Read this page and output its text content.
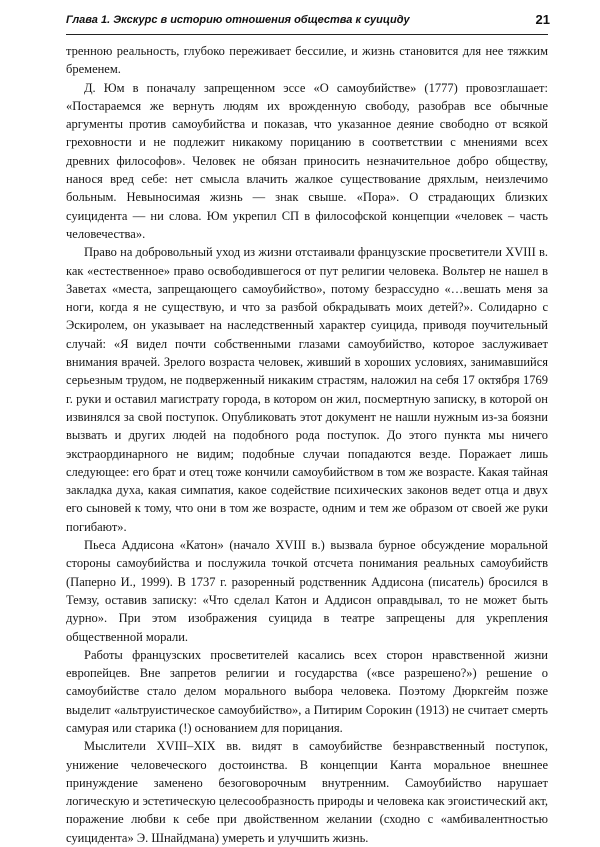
Глава 1. Экскурс в историю отношения общества к суициду	21

тренною реальность, глубоко переживает бессилие, и жизнь становится для нее тяжким бременем.

Д. Юм в поначалу запрещенном эссе «О самоубийстве» (1777) провозглашает: «Постараемся же вернуть людям их врожденную свободу, разобрав все обычные аргументы против самоубийства и показав, что указанное деяние свободно от всякой греховности и не подлежит никакому порицанию в соответствии с мнениями всех древних философов». Человек не обязан приносить незначительное добро обществу, нанося вред себе: нет смысла влачить жалкое существование дряхлым, неизлечимо больным. Невыносимая жизнь — знак свыше. «Пора». О страдающих близких суицидента — ни слова. Юм укрепил СП в философской концепции «человек – часть человечества».

Право на добровольный уход из жизни отстаивали французские просветители XVIII в. как «естественное» право освободившегося от пут религии человека. Вольтер не нашел в Заветах «места, запрещающего самоубийство», потому безрассудно «…вешать меня за ноги, когда я не существую, и что за разбой обкрадывать моих детей?». Солидарно с Эскиролем, он указывает на наследственный характер суицида, приводя поучительный случай: «Я видел почти собственными глазами самоубийство, которое заслуживает внимания врачей. Зрелого возраста человек, живший в хороших условиях, занимавшийся серьезным трудом, не подверженный никаким страстям, наложил на себя 17 октября 1769 г. руки и оставил магистрату города, в котором он жил, посмертную записку, в которой он извинялся за свой поступок. Опубликовать этот документ не нашли нужным из-за боязни вызвать и других людей на подобного рода поступок. До этого пункта мы ничего экстраординарного не видим; подобные случаи попадаются везде. Поражает лишь следующее: его брат и отец тоже кончили самоубийством в том же возрасте. Какая тайная закладка духа, какая симпатия, какое содействие психических законов ведет отца и двух его сыновей к тому, что они в том же возрасте, одним и тем же образом от своей же руки погибают».

Пьеса Аддисона «Катон» (начало XVIII в.) вызвала бурное обсуждение моральной стороны самоубийства и послужила точкой отсчета понимания реальных самоубийств (Паперно И., 1999). В 1737 г. разоренный родственник Аддисона (писатель) бросился в Темзу, оставив записку: «Что сделал Катон и Аддисон оправдывал, то не может быть дурно». При этом изображения суицида в театре запрещены для укрепления общественной морали.

Работы французских просветителей касались всех сторон нравственной жизни европейцев. Вне запретов религии и государства («все разрешено?») решение о самоубийстве стало делом морального выбора человека. Поэтому Дюркгейм позже выделит «альтруистическое самоубийство», а Питирим Сорокин (1913) не считает смерть самурая или старика (!) основанием для порицания.

Мыслители XVIII–XIX вв. видят в самоубийстве безнравственный поступок, унижение человеческого достоинства. В концепции Канта моральное внешнее принуждение заменено безоговорочным внутренним. Самоубийство нарушает логическую и эстетическую целесообразность природы и человека как эгоистический акт, поражение любви к себе при двойственном желании (сходно с «амбивалентностью суицидента» Э. Шнайдмана) умереть и улучшить жизнь.
